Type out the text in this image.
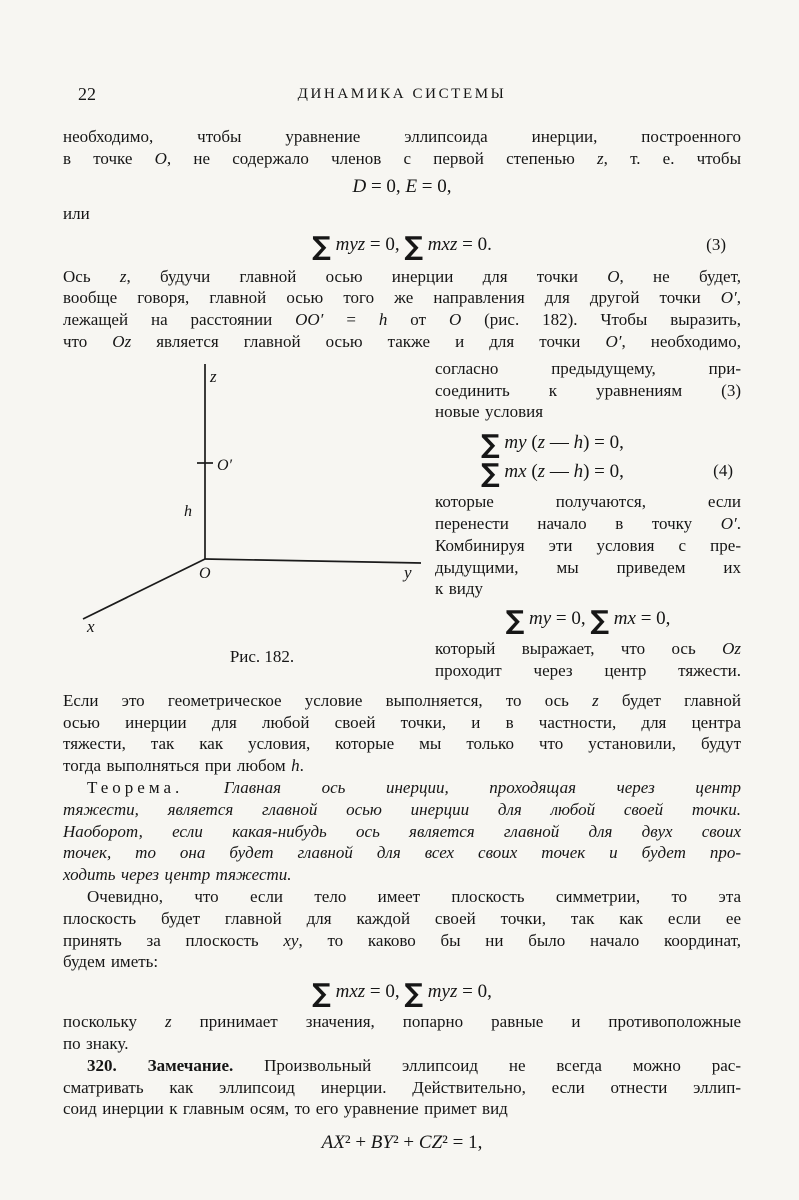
22	ДИНАМИКА СИСТЕМЫ
необходимо, чтобы уравнение эллипсоида инерции, построенного
в точке O, не содержало членов с первой степенью z, т. е. чтобы
D = 0, E = 0,
или
∑ myz = 0, ∑ mxz = 0.	(3)
Ось z, будучи главной осью инерции для точки O, не будет,
вообще говоря, главной осью того же направления для другой точки O′,
лежащей на расстоянии OO′ = h от O (рис. 182). Чтобы выразить,
что Oz является главной осью также и для точки O′, необходимо,
z
O′
h
O	y
x
Рис. 182.
согласно предыдущему, при-
соединить к уравнениям (3)
новые условия
∑ my (z — h) = 0,
∑ mx (z — h) = 0,	(4)
которые получаются, если
перенести начало в точку O′.
Комбинируя эти условия с пре-
дыдущими, мы приведем их
к виду
∑ my = 0, ∑ mx = 0,
который выражает, что ось Oz
проходит через центр тяжести.
Если это геометрическое условие выполняется, то ось z будет главной
осью инерции для любой своей точки, и в частности, для центра
тяжести, так как условия, которые мы только что установили, будут
тогда выполняться при любом h.
Теорема. Главная ось инерции, проходящая через центр
тяжести, является главной осью инерции для любой своей точки.
Наоборот, если какая-нибудь ось является главной для двух своих
точек, то она будет главной для всех своих точек и будет про-
ходить через центр тяжести.
Очевидно, что если тело имеет плоскость симметрии, то эта
плоскость будет главной для каждой своей точки, так как если ее
принять за плоскость xy, то каково бы ни было начало координат,
будем иметь:
∑ mxz = 0, ∑ myz = 0,
поскольку z принимает значения, попарно равные и противоположные
по знаку.
320. Замечание. Произвольный эллипсоид не всегда можно рас-
сматривать как эллипсоид инерции. Действительно, если отнести эллип-
соид инерции к главным осям, то его уравнение примет вид
AX² + BY² + CZ² = 1,
